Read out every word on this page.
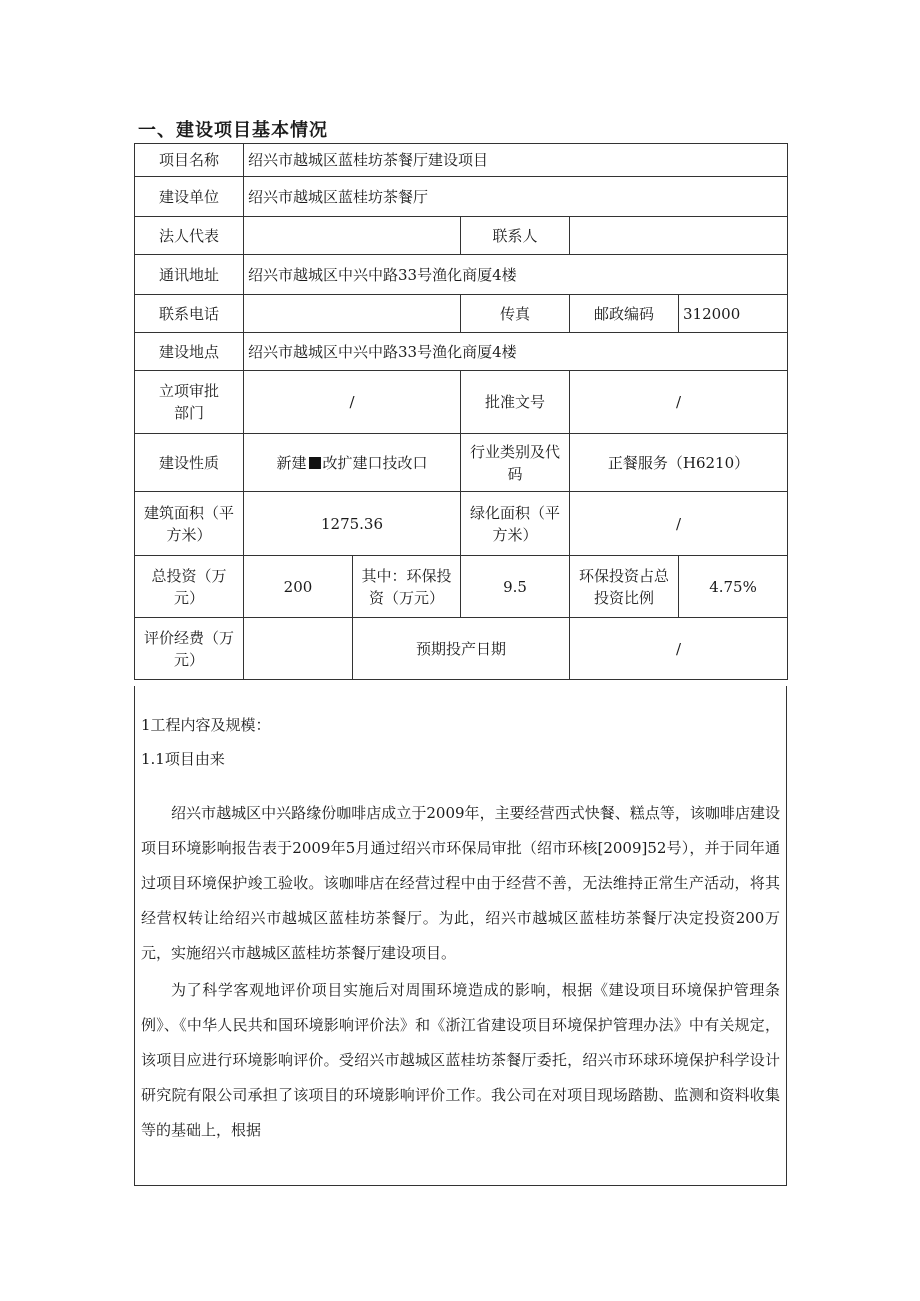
一、建设项目基本情况
项目名称	绍兴市越城区蓝桂坊茶餐厅建设项目				
建设单位	绍兴市越城区蓝桂坊茶餐厅				
法人代表			联系人		
通讯地址	绍兴市越城区中兴中路33号渔化商厦4楼				
联系电话			传真	邮政编码	312000
建设地点	绍兴市越城区中兴中路33号渔化商厦4楼				
立项审批
部门	/		批准文号	/	
建设性质	新建 改扩建口技改口		行业类别及代
码	正餐服务（H6210）	
建筑面积（平
方米）	1275.36		绿化面积（平
方米）	/	
总投资（万
元）	200	其中：环保投
资（万元）	9.5	环保投资占总
投资比例	4.75%
评价经费（万
元）		预期投产日期		/	
1工程内容及规模：
1.1项目由来

绍兴市越城区中兴路缘份咖啡店成立于2009年，主要经营西式快餐、糕点等，该咖啡店建设项目环境影响报告表于2009年5月通过绍兴市环保局审批（绍市环核[2009]52号），并于同年通过项目环境保护竣工验收。该咖啡店在经营过程中由于经营不善，无法维持正常生产活动，将其经营权转让给绍兴市越城区蓝桂坊茶餐厅。为此，绍兴市越城区蓝桂坊茶餐厅决定投资200万元，实施绍兴市越城区蓝桂坊茶餐厅建设项目。

为了科学客观地评价项目实施后对周围环境造成的影响，根据《建设项目环境保护管理条例》、《中华人民共和国环境影响评价法》和《浙江省建设项目环境保护管理办法》中有关规定，该项目应进行环境影响评价。受绍兴市越城区蓝桂坊茶餐厅委托，绍兴市环球环境保护科学设计研究院有限公司承担了该项目的环境影响评价工作。我公司在对项目现场踏勘、监测和资料收集等的基础上，根据
